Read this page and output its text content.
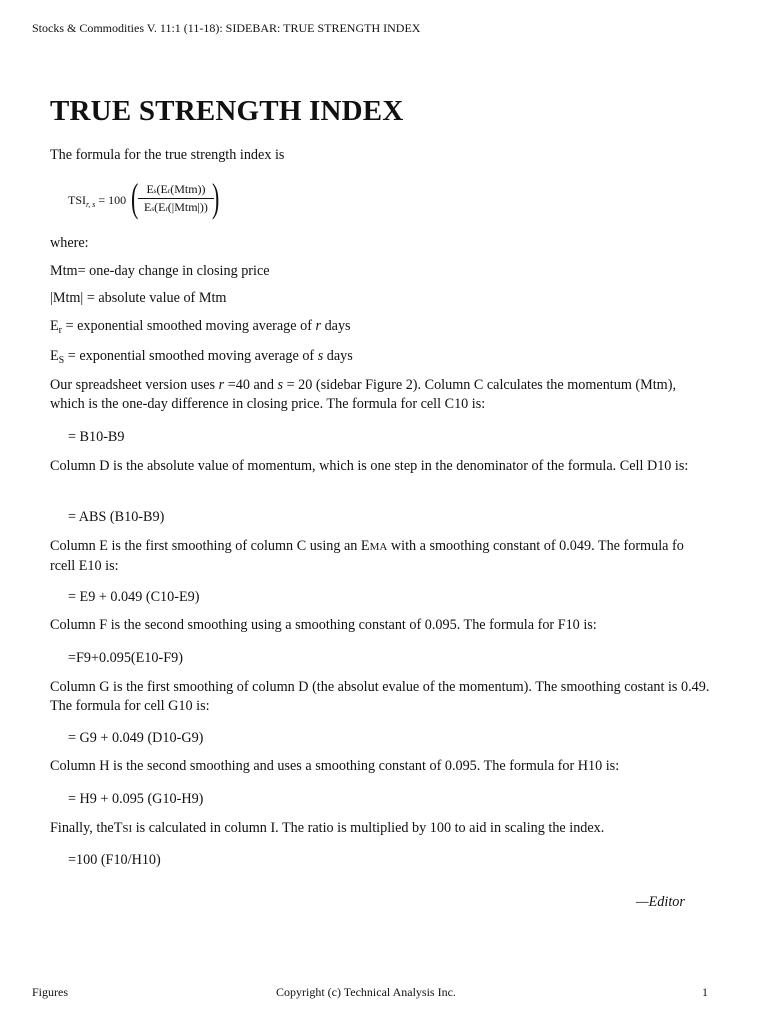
Stocks & Commodities V. 11:1 (11-18): SIDEBAR: TRUE STRENGTH INDEX
TRUE STRENGTH INDEX

The formula for the true strength index is

$TSI_{r, s} = 100$ ( Es(Er(Mtm))
Es(Er(|Mtm|)) )

where:

Mtm= one-day change in closing price

|Mtm| = absolute value of Mtm

$E_r$ = exponential smoothed moving average of r days

$E_S$ = exponential smoothed moving average of s days

Our spreadsheet version uses r =40 and s = 20 (sidebar Figure 2). Column C calculates the momentum (Mtm), which is the one-day difference in closing price. The formula for cell C10 is:

= B10-B9

Column D is the absolute value of momentum, which is one step in the denominator of the formula. Cell D10 is:

= ABS (B10-B9)

Column E is the first smoothing of column C using an EMA with a smoothing constant of 0.049. The formula fo rcell E10 is:

= E9 + 0.049 (C10-E9)

Column F is the second smoothing using a smoothing constant of 0.095. The formula for F10 is:

=F9+0.095(E10-F9)

Column G is the first smoothing of column D (the absolut evalue of the momentum). The smoothing costant is 0.49. The formula for cell G10 is:

= G9 + 0.049 (D10-G9)

Column H is the second smoothing and uses a smoothing constant of 0.095. The formula for H10 is:

= H9 + 0.095 (G10-H9)

Finally, theTSI is calculated in column I. The ratio is multiplied by 100 to aid in scaling the index.

=100 (F10/H10)
—Editor
Figures	Copyright (c) Technical Analysis Inc.	1
